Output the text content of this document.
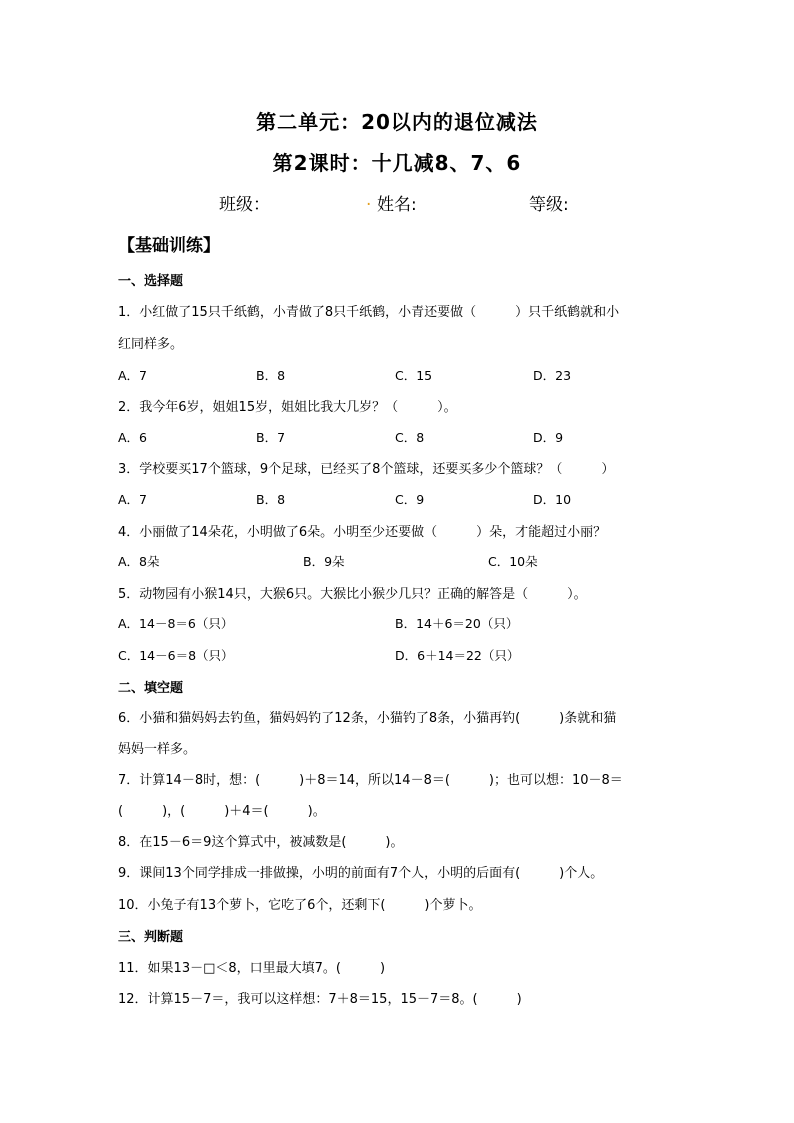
第二单元：20以内的退位减法
第2课时：十几减8、7、6
班级：	. 姓名:	等级:
【基础训练】
一、选择题
1．小红做了15只千纸鹤，小青做了8只千纸鹤，小青还要做（　　　）只千纸鹤就和小
红同样多。
A．7	B．8	C．15	D．23
2．我今年6岁，姐姐15岁，姐姐比我大几岁？（　　　）。
A．6	B．7	C．8	D．9
3．学校要买17个篮球，9个足球，已经买了8个篮球，还要买多少个篮球？（　　　）
A．7	B．8	C．9	D．10
4．小丽做了14朵花，小明做了6朵。小明至少还要做（　　　）朵，才能超过小丽？
A．8朵	B．9朵	C．10朵
5．动物园有小猴14只，大猴6只。大猴比小猴少几只？正确的解答是（　　　）。
A．14－8＝6（只）	B．14＋6＝20（只）
C．14－6＝8（只）	D．6＋14＝22（只）
二、填空题
6．小猫和猫妈妈去钓鱼，猫妈妈钓了12条，小猫钓了8条，小猫再钓(　　　)条就和猫
妈妈一样多。
7．计算14－8时，想：(　　　)＋8＝14，所以14－8＝(　　　)；也可以想：10－8＝
(　　　)，(　　　)＋4＝(　　　)。
8．在15－6＝9这个算式中，被减数是(　　　)。
9．课间13个同学排成一排做操，小明的前面有7个人，小明的后面有(　　　)个人。
10．小兔子有13个萝卜，它吃了6个，还剩下(　　　)个萝卜。
三、判断题
11．如果13－□＜8，口里最大填7。(　　　)
12．计算15－7＝，我可以这样想：7＋8＝15，15－7＝8。(　　　)
